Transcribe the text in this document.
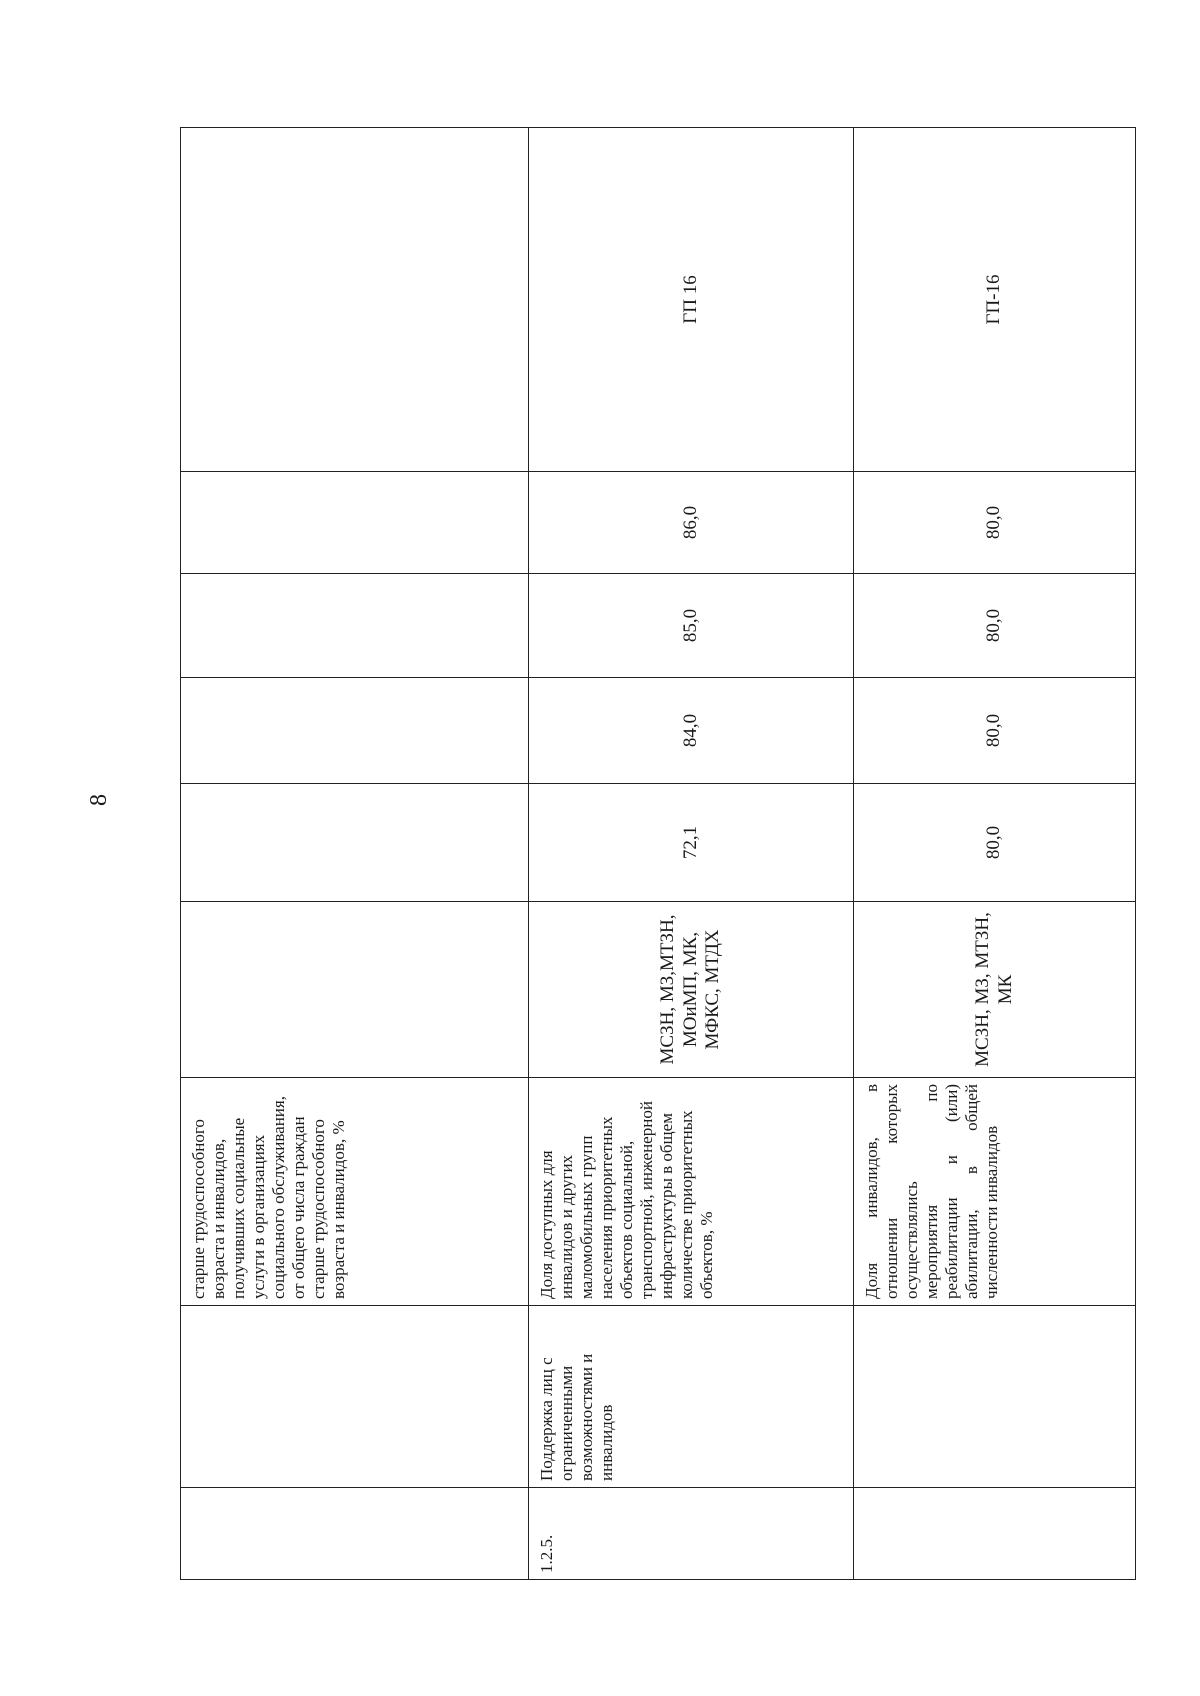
8
		старше трудоспособного возраста и инвалидов, получивших социальные услуги в организациях социального обслуживания, от общего числа граждан старше трудоспособного возраста и инвалидов, %						
1.2.5.	Поддержка лиц с ограниченными возможностями и инвалидов	Доля доступных для инвалидов и других маломобильных групп населения приоритетных объектов социальной, транспортной, инженерной инфраструктуры в общем количестве приоритетных объектов, %	МСЗН, МЗ,МТЗН, МОиМП, МК, МФКС, МТДХ	72,1	84,0	85,0	86,0	ГП 16
		Доля инвалидов, в отношении которых осуществлялись мероприятия по реабилитации и (или) абилитации, в общей численности инвалидов	МСЗН, МЗ, МТЗН, МК	80,0	80,0	80,0	80,0	ГП-16
